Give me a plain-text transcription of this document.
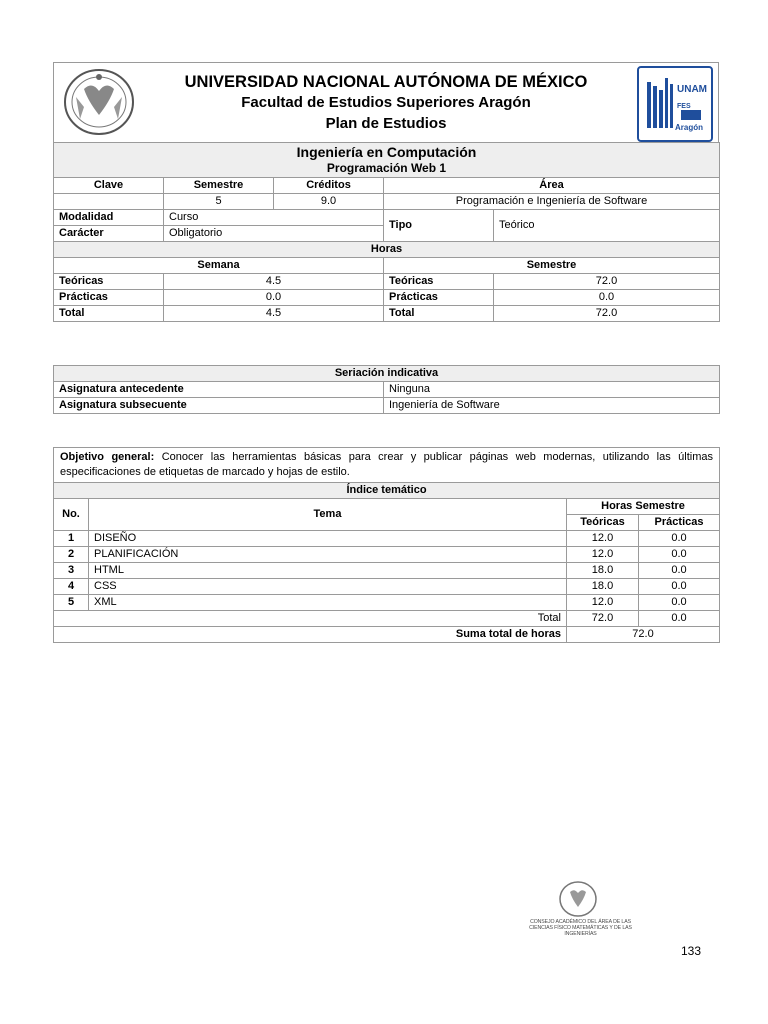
UNIVERSIDAD NACIONAL AUTÓNOMA DE MÉXICO
Facultad de Estudios Superiores Aragón
Plan de Estudios
UNAM
FES
Aragón
Ingeniería en Computación
Programación Web 1				

Clave	Semestre	Créditos	Área	
	5	9.0	Programación e Ingeniería de Software	
Modalidad	Curso		Tipo	Teórico
Carácter	Obligatorio			
Horas				
Semana			Semestre	
Teóricas	4.5		Teóricas	72.0
Prácticas	0.0		Prácticas	0.0
Total	4.5		Total	72.0
Seriación indicativa	
Asignatura antecedente	Ninguna
Asignatura subsecuente	Ingeniería de Software
Objetivo general: Conocer las herramientas básicas para crear y publicar páginas web modernas, utilizando las últimas especificaciones de etiquetas de marcado y hojas de estilo.			
Índice temático			
No.	Tema	Horas Semestre	
		Teóricas	Prácticas
1	DISEÑO	12.0	0.0
2	PLANIFICACIÓN	12.0	0.0
3	HTML	18.0	0.0
4	CSS	18.0	0.0
5	XML	12.0	0.0
Total		72.0	0.0
Suma total de horas		72.0	
CONSEJO ACADÉMICO DEL ÁREA DE LAS CIENCIAS FÍSICO MATEMÁTICAS Y DE LAS INGENIERÍAS
133
